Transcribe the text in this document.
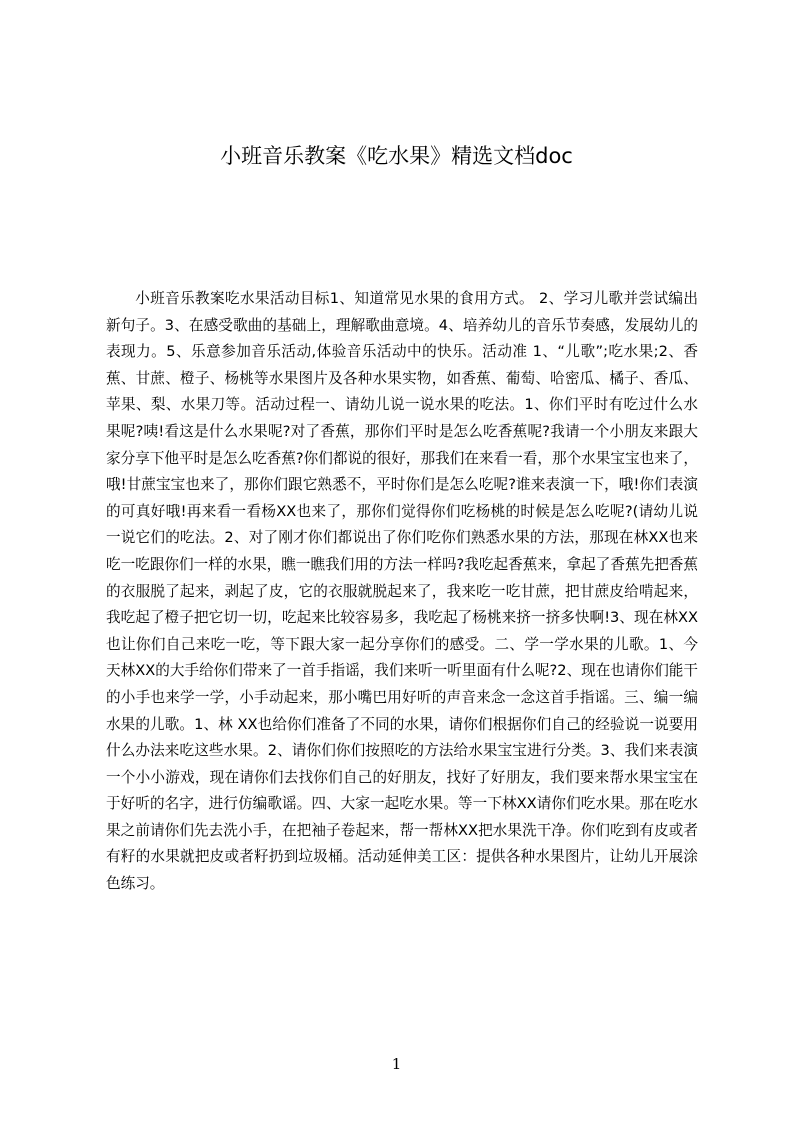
小班音乐教案《吃水果》精选文档doc

小班音乐教案吃水果活动目标1、知道常见水果的食用方式。 2、学习儿歌并尝试编出新句子。3、在感受歌曲的基础上，理解歌曲意境。4、培养幼儿的音乐节奏感，发展幼儿的表现力。5、乐意参加音乐活动,体验音乐活动中的快乐。活动准 1、“儿歌”;吃水果;2、香蕉、甘蔗、橙子、杨桃等水果图片及各种水果实物，如香蕉、葡萄、哈密瓜、橘子、香瓜、苹果、梨、水果刀等。活动过程一、请幼儿说一说水果的吃法。1、你们平时有吃过什么水果呢?咦!看这是什么水果呢?对了香蕉，那你们平时是怎么吃香蕉呢?我请一个小朋友来跟大家分享下他平时是怎么吃香蕉?你们都说的很好，那我们在来看一看，那个水果宝宝也来了，哦!甘蔗宝宝也来了，那你们跟它熟悉不，平时你们是怎么吃呢?谁来表演一下，哦!你们表演的可真好哦!再来看一看杨XX也来了，那你们觉得你们吃杨桃的时候是怎么吃呢?(请幼儿说一说它们的吃法。2、对了刚才你们都说出了你们吃你们熟悉水果的方法，那现在林XX也来吃一吃跟你们一样的水果，瞧一瞧我们用的方法一样吗?我吃起香蕉来，拿起了香蕉先把香蕉的衣服脱了起来，剥起了皮，它的衣服就脱起来了，我来吃一吃甘蔗，把甘蔗皮给啃起来，我吃起了橙子把它切一切，吃起来比较容易多，我吃起了杨桃来挤一挤多快啊!3、现在林XX也让你们自己来吃一吃，等下跟大家一起分享你们的感受。二、学一学水果的儿歌。1、今天林XX的大手给你们带来了一首手指谣，我们来听一听里面有什么呢?2、现在也请你们能干的小手也来学一学，小手动起来，那小嘴巴用好听的声音来念一念这首手指谣。三、编一编水果的儿歌。1、林 XX也给你们准备了不同的水果，请你们根据你们自己的经验说一说要用什么办法来吃这些水果。2、请你们你们按照吃的方法给水果宝宝进行分类。3、我们来表演一个小小游戏，现在请你们去找你们自己的好朋友，找好了好朋友，我们要来帮水果宝宝在于好听的名字，进行仿编歌谣。四、大家一起吃水果。等一下林XX请你们吃水果。那在吃水果之前请你们先去洗小手，在把袖子卷起来，帮一帮林XX把水果洗干净。你们吃到有皮或者有籽的水果就把皮或者籽扔到垃圾桶。活动延伸美工区：提供各种水果图片，让幼儿开展涂色练习。

1
